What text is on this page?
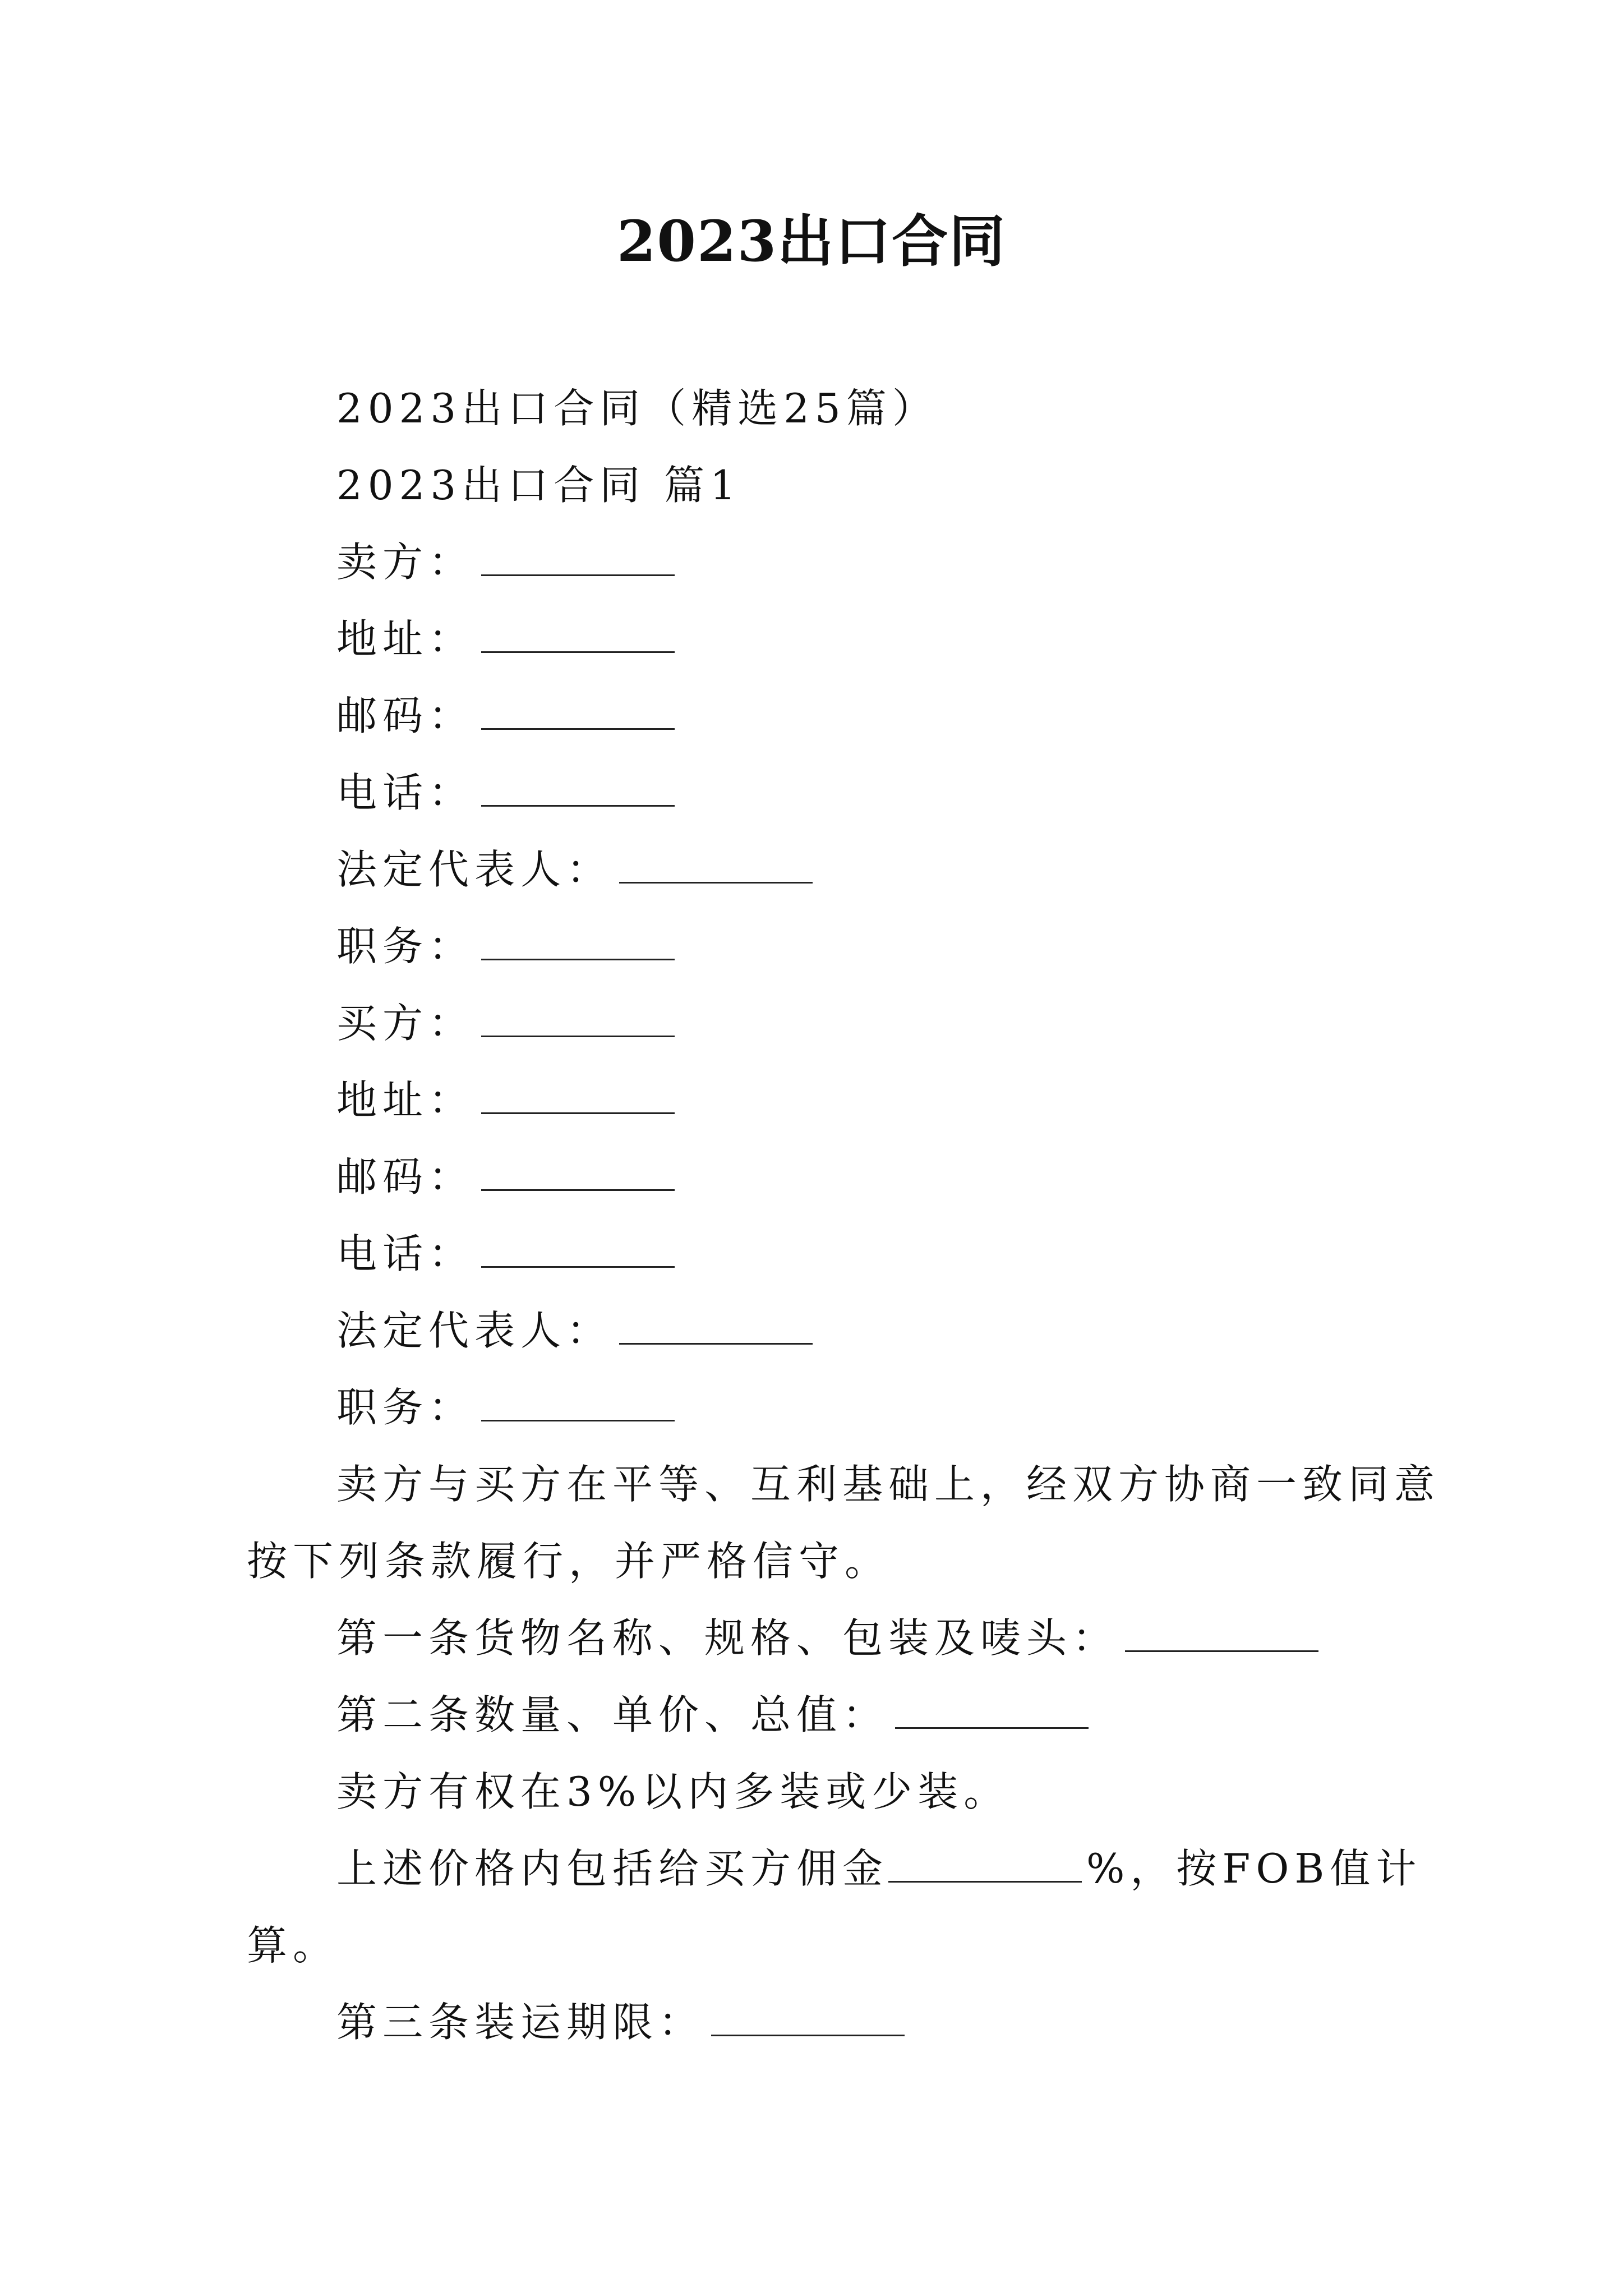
2023出口合同
2023出口合同（精选25篇）
2023出口合同 篇1
卖方：
地址：
邮码：
电话：
法定代表人：
职务：
买方：
地址：
邮码：
电话：
法定代表人：
职务：
卖方与买方在平等、互利基础上，经双方协商一致同意
按下列条款履行，并严格信守。
第一条货物名称、规格、包装及唛头：
第二条数量、单价、总值：
卖方有权在3%以内多装或少装。
上述价格内包括给买方佣金	%，按FOB值计
算。
第三条装运期限：
